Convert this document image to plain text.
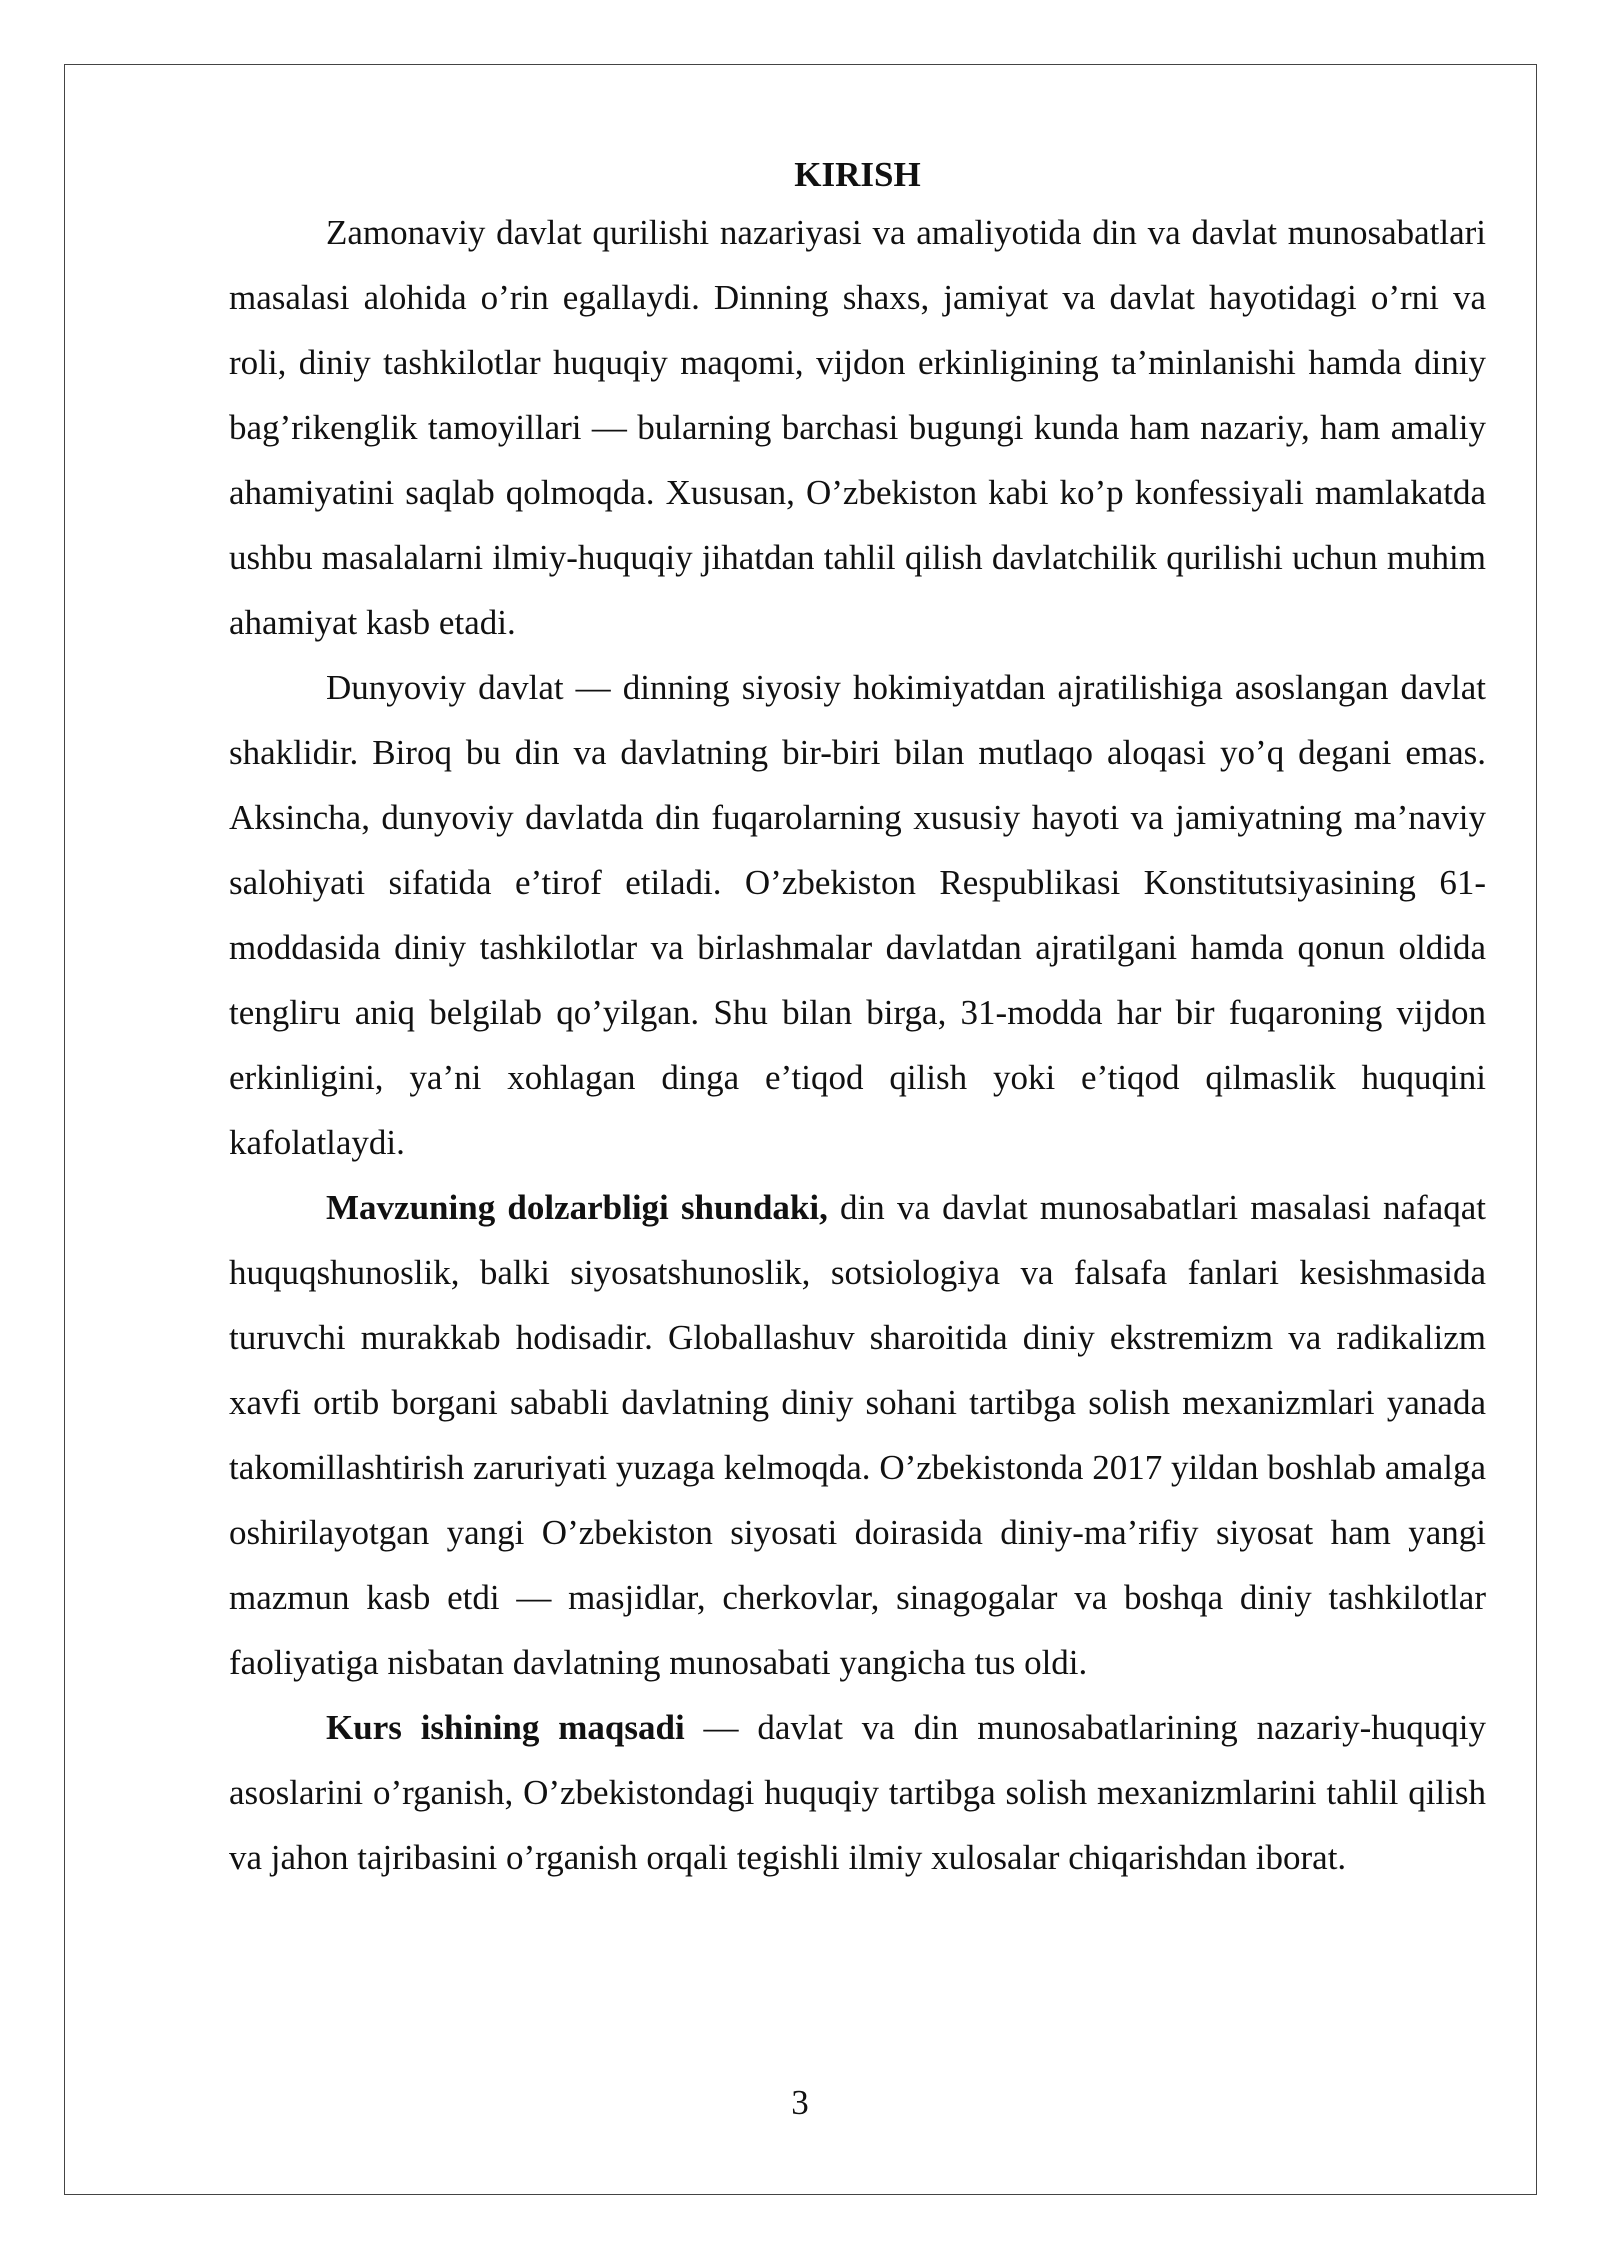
KIRISH

Zamonaviy davlat qurilishi nazariyasi va amaliyotida din va davlat munosabatlari masalasi alohida o’rin egallaydi. Dinning shaxs, jamiyat va davlat hayotidagi o’rni va roli, diniy tashkilotlar huquqiy maqomi, vijdon erkinligining ta’minlanishi hamda diniy bag’rikenglik tamoyillari — bularning barchasi bugungi kunda ham nazariy, ham amaliy ahamiyatini saqlab qolmoqda. Xususan, O’zbekiston kabi ko’p konfessiyali mamlakatda ushbu masalalarni ilmiy-huquqiy jihatdan tahlil qilish davlatchilik qurilishi uchun muhim ahamiyat kasb etadi.

Dunyoviy davlat — dinning siyosiy hokimiyatdan ajratilishiga asoslangan davlat shaklidir. Biroq bu din va davlatning bir-biri bilan mutlaqo aloqasi yo’q degani emas. Aksincha, dunyoviy davlatda din fuqarolarning xususiy hayoti va jamiyatning ma’naviy salohiyati sifatida e’tirof etiladi. O’zbekiston Respublikasi Konstitutsiyasining 61-moddasida diniy tashkilotlar va birlashmalar davlatdan ajratilgani hamda qonun oldida tenglігu aniq belgilab qo’yilgan. Shu bilan birga, 31-modda har bir fuqaroning vijdon erkinligini, ya’ni xohlagan dinga e’tiqod qilish yoki e’tiqod qilmaslik huquqini kafolatlaydi.

Mavzuning dolzarbligi shundaki, din va davlat munosabatlari masalasi nafaqat huquqshunoslik, balki siyosatshunoslik, sotsiologiya va falsafa fanlari kesishmasida turuvchi murakkab hodisadir. Globallashuv sharoitida diniy ekstremizm va radikalizm xavfi ortib borgani sababli davlatning diniy sohani tartibga solish mexanizmlari yanada takomillashtirish zaruriyati yuzaga kelmoqda. O’zbekistonda 2017 yildan boshlab amalga oshirilayotgan yangi O’zbekiston siyosati doirasida diniy-ma’rifiy siyosat ham yangi mazmun kasb etdi — masjidlar, cherkovlar, sinagogalar va boshqa diniy tashkilotlar faoliyatiga nisbatan davlatning munosabati yangicha tus oldi.

Kurs ishining maqsadi — davlat va din munosabatlarining nazariy-huquqiy asoslarini o’rganish, O’zbekistondagi huquqiy tartibga solish mexanizmlarini tahlil qilish va jahon tajribasini o’rganish orqali tegishli ilmiy xulosalar chiqarishdan iborat.

3
